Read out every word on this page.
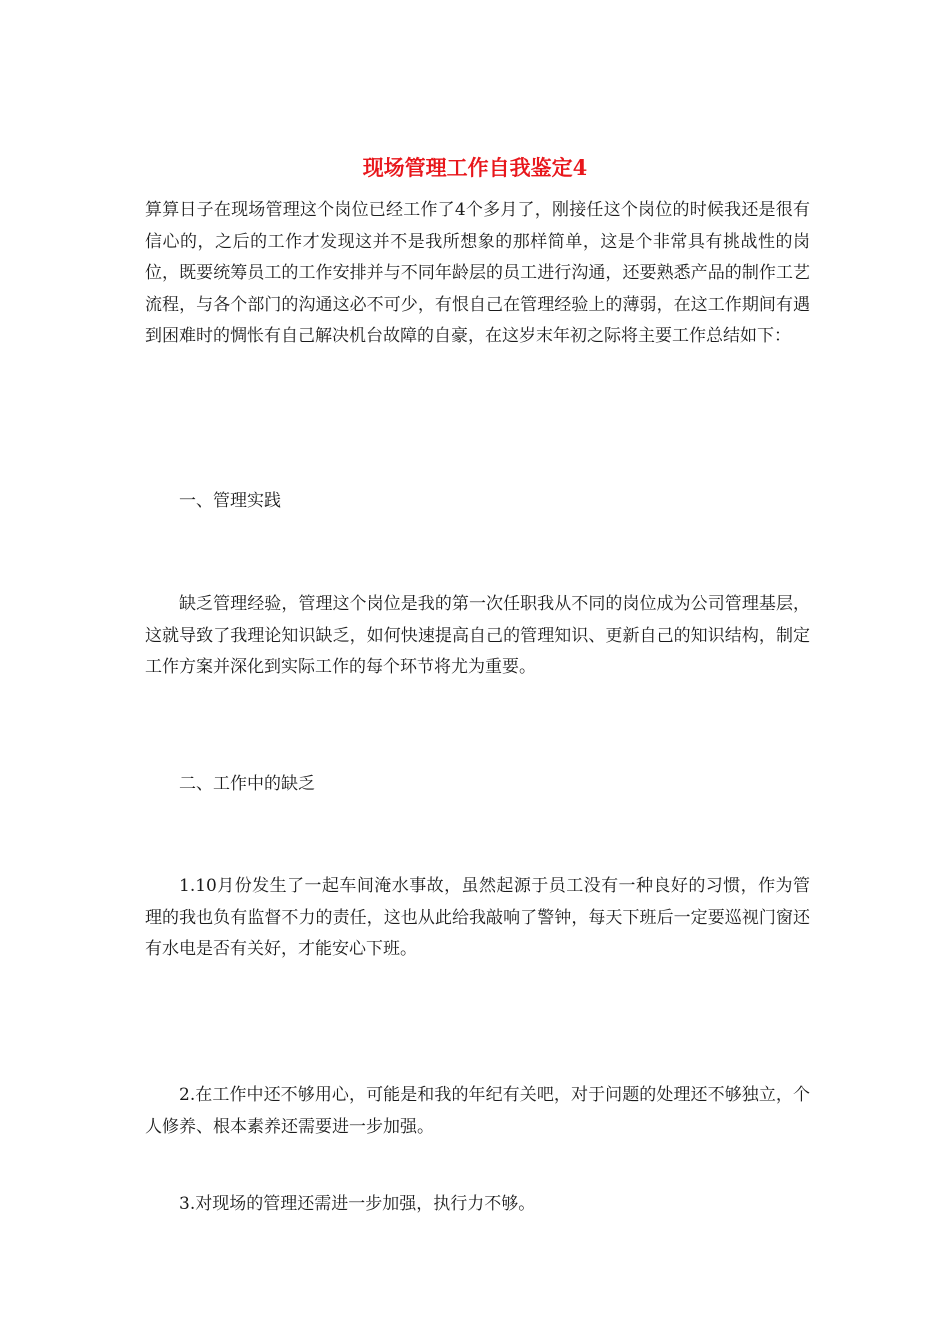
现场管理工作自我鉴定4

算算日子在现场管理这个岗位已经工作了4个多月了，刚接任这个岗位的时候我还是很有信心的，之后的工作才发现这并不是我所想象的那样简单，这是个非常具有挑战性的岗位，既要统筹员工的工作安排并与不同年龄层的员工进行沟通，还要熟悉产品的制作工艺流程，与各个部门的沟通这必不可少，有恨自己在管理经验上的薄弱，在这工作期间有遇到困难时的惆怅有自己解决机台故障的自豪，在这岁末年初之际将主要工作总结如下：

一、管理实践

缺乏管理经验，管理这个岗位是我的第一次任职我从不同的岗位成为公司管理基层，这就导致了我理论知识缺乏，如何快速提高自己的管理知识、更新自己的知识结构，制定工作方案并深化到实际工作的每个环节将尤为重要。

二、工作中的缺乏

1.10月份发生了一起车间淹水事故，虽然起源于员工没有一种良好的习惯，作为管理的我也负有监督不力的责任，这也从此给我敲响了警钟，每天下班后一定要巡视门窗还有水电是否有关好，才能安心下班。

2.在工作中还不够用心，可能是和我的年纪有关吧，对于问题的处理还不够独立，个人修养、根本素养还需要进一步加强。

3.对现场的管理还需进一步加强，执行力不够。
